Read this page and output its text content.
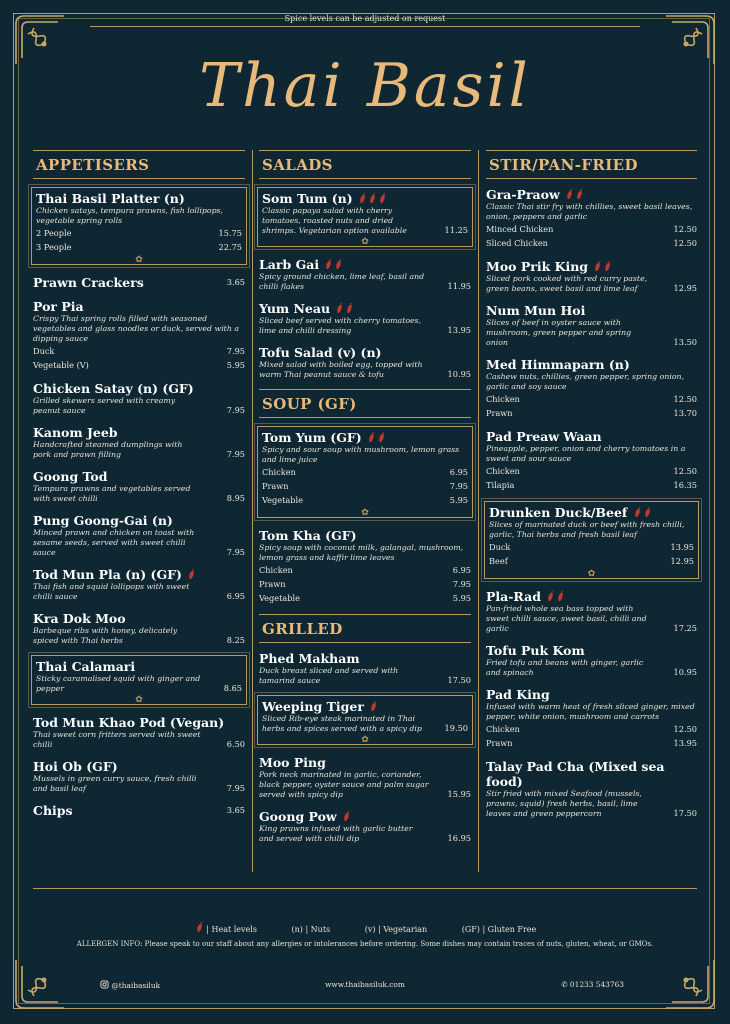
Spice levels can be adjusted on request
Thai Basil
APPETISERS
Thai Basil Platter (n)
Chicken satays, tempura prawns, fish lollipops, vegetable spring rolls
2 People	15.75
3 People	22.75
✿
Prawn Crackers	3.65
Por Pia
Crispy Thai spring rolls filled with seasoned vegetables and glass noodles or duck, served with a dipping sauce
Duck	7.95
Vegetable (V)	5.95
Chicken Satay (n) (GF)
Grilled skewers served with creamy peanut sauce	7.95
Kanom Jeeb
Handcrafted steamed dumplings with pork and prawn filling	7.95
Goong Tod
Tempura prawns and vegetables served with sweet chilli	8.95
Pung Goong-Gai (n)
Minced prawn and chicken on toast with sesame seeds, served with sweet chilli sauce	7.95
Tod Mun Pla (n) (GF)
Thai fish and squid lollipops with sweet chilli sauce	6.95
Kra Dok Moo
Barbeque ribs with honey, delicately spiced with Thai herbs	8.25
Thai Calamari
Sticky caramalised squid with ginger and pepper	8.65
✿
Tod Mun Khao Pod (Vegan)
Thai sweet corn fritters served with sweet chilli	6.50
Hoi Ob (GF)
Mussels in green curry sauce, fresh chilli and basil leaf	7.95
Chips	3.65
SALADS
Som Tum (n)
Classic papaya salad with cherry tomatoes, roasted nuts and dried shrimps. Vegetarian option available	11.25
✿
Larb Gai
Spicy ground chicken, lime leaf, basil and chilli flakes	11.95
Yum Neau
Sliced beef served with cherry tomatoes, lime and chilli dressing	13.95
Tofu Salad (v) (n)
Mixed salad with boiled egg, topped with warm Thai peanut sauce & tofu	10.95
SOUP (GF)
Tom Yum (GF)
Spicy and sour soup with mushroom, lemon grass and lime juice
Chicken	6.95
Prawn	7.95
Vegetable	5.95
✿
Tom Kha (GF)
Spicy soup with coconut milk, galangal, mushroom, lemon grass and kaffir lime leaves
Chicken	6.95
Prawn	7.95
Vegetable	5.95
GRILLED
Phed Makham
Duck breast sliced and served with tamarind sauce	17.50
Weeping Tiger
Sliced Rib-eye steak marinated in Thai herbs and spices served with a spicy dip	19.50
✿
Moo Ping
Pork neck marinated in garlic, coriander, black pepper, oyster sauce and palm sugar served with spicy dip	15.95
Goong Pow
King prawns infused with garlic butter and served with chilli dip	16.95
STIR/PAN-FRIED
Gra-Praow
Classic Thai stir fry with chillies, sweet basil leaves, onion, peppers and garlic
Minced Chicken	12.50
Sliced Chicken	12.50
Moo Prik King
Sliced pork cooked with red curry paste, green beans, sweet basil and lime leaf	12.95
Num Mun Hoi
Slices of beef in oyster sauce with mushroom, green pepper and spring onion	13.50
Med Himmaparn (n)
Cashew nuts, chillies, green pepper, spring onion, garlic and soy sauce
Chicken	12.50
Prawn	13.70
Pad Preaw Waan
Pineapple, pepper, onion and cherry tomatoes in a sweet and sour sauce
Chicken	12.50
Tilapia	16.35
Drunken Duck/Beef
Slices of marinated duck or beef with fresh chilli, garlic, Thai herbs and fresh basil leaf
Duck	13.95
Beef	12.95
✿
Pla-Rad
Pan-fried whole sea bass topped with sweet chilli sauce, sweet basil, chilli and garlic	17.25
Tofu Puk Kom
Fried tofu and beans with ginger, garlic and spinach	10.95
Pad King
Infused with warm heat of fresh sliced ginger, mixed pepper, white onion, mushroom and carrots
Chicken	12.50
Prawn	13.95
Talay Pad Cha (Mixed sea food)
Stir fried with mixed Seafood (mussels, prawns, squid) fresh herbs, basil, lime leaves and green peppercorn	17.50
| Heat levels	(n) | Nuts	(v) | Vegetarian	(GF) | Gluten Free
ALLERGEN INFO: Please speak to our staff about any allergies or intolerances before ordering. Some dishes may contain traces of nuts, gluten, wheat, or GMOs.
@thaibasiluk	www.thaibasiluk.com	✆ 01233 543763
